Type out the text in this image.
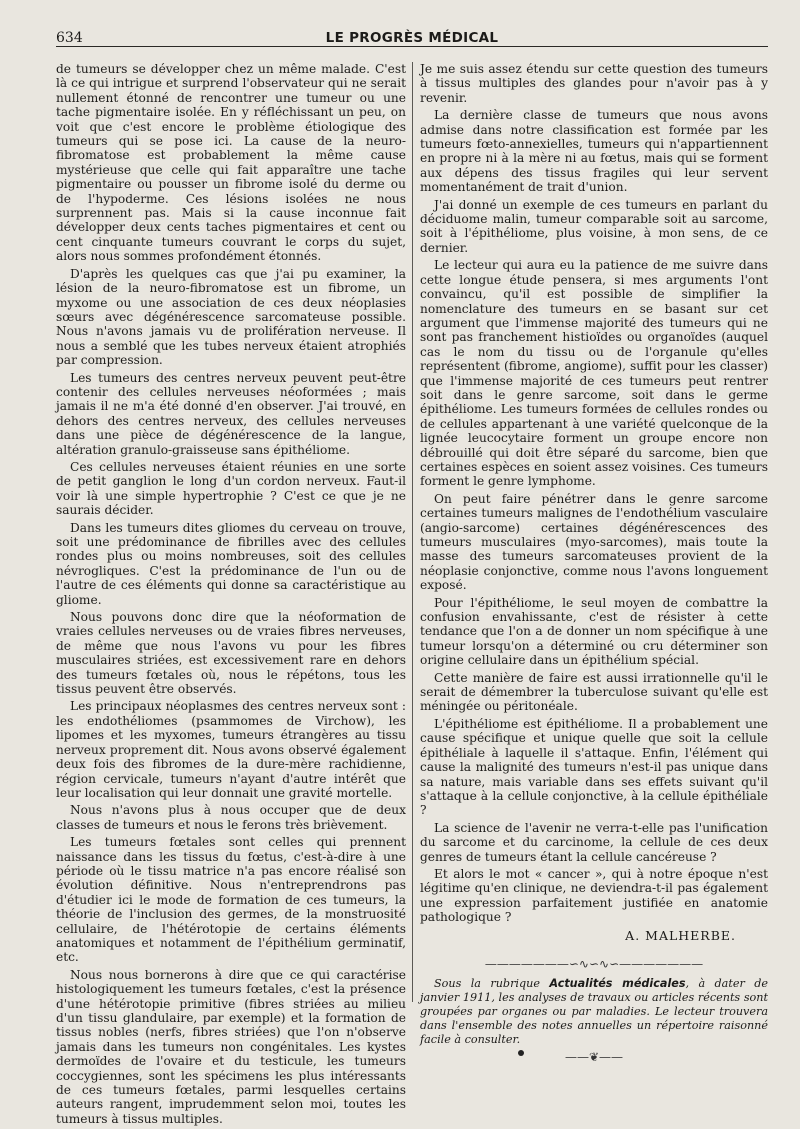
634	LE PROGRÈS MÉDICAL

de tumeurs se développer chez un même malade. C'est là ce qui intrigue et surprend l'observateur qui ne serait nullement étonné de rencontrer une tumeur ou une tache pigmentaire isolée. En y réfléchissant un peu, on voit que c'est encore le problème étiologique des tumeurs qui se pose ici. La cause de la neuro-fibromatose est probablement la même cause mystérieuse que celle qui fait apparaître une tache pigmentaire ou pousser un fibrome isolé du derme ou de l'hypoderme. Ces lésions isolées ne nous surprennent pas. Mais si la cause inconnue fait développer deux cents taches pigmentaires et cent ou cent cinquante tumeurs couvrant le corps du sujet, alors nous sommes profondément étonnés.

D'après les quelques cas que j'ai pu examiner, la lésion de la neuro-fibromatose est un fibrome, un myxome ou une association de ces deux néoplasies sœurs avec dégénérescence sarcomateuse possible. Nous n'avons jamais vu de prolifération nerveuse. Il nous a semblé que les tubes nerveux étaient atrophiés par compression.

Les tumeurs des centres nerveux peuvent peut-être contenir des cellules nerveuses néoformées ; mais jamais il ne m'a été donné d'en observer. J'ai trouvé, en dehors des centres nerveux, des cellules nerveuses dans une pièce de dégénérescence de la langue, altération granulo-graisseuse sans épithéliome.

Ces cellules nerveuses étaient réunies en une sorte de petit ganglion le long d'un cordon nerveux. Faut-il voir là une simple hypertrophie ? C'est ce que je ne saurais décider.

Dans les tumeurs dites gliomes du cerveau on trouve, soit une prédominance de fibrilles avec des cellules rondes plus ou moins nombreuses, soit des cellules névrogliques. C'est la prédominance de l'un ou de l'autre de ces éléments qui donne sa caractéristique au gliome.

Nous pouvons donc dire que la néoformation de vraies cellules nerveuses ou de vraies fibres nerveuses, de même que nous l'avons vu pour les fibres musculaires striées, est excessivement rare en dehors des tumeurs fœtales où, nous le répétons, tous les tissus peuvent être observés.

Les principaux néoplasmes des centres nerveux sont : les endothéliomes (psammomes de Virchow), les lipomes et les myxomes, tumeurs étrangères au tissu nerveux proprement dit. Nous avons observé également deux fois des fibromes de la dure-mère rachidienne, région cervicale, tumeurs n'ayant d'autre intérêt que leur localisation qui leur donnait une gravité mortelle.

Nous n'avons plus à nous occuper que de deux classes de tumeurs et nous le ferons très brièvement.

Les tumeurs fœtales sont celles qui prennent naissance dans les tissus du fœtus, c'est-à-dire à une période où le tissu matrice n'a pas encore réalisé son évolution définitive. Nous n'entreprendrons pas d'étudier ici le mode de formation de ces tumeurs, la théorie de l'inclusion des germes, de la monstruosité cellulaire, de l'hétérotopie de certains éléments anatomiques et notamment de l'épithélium germinatif, etc.

Nous nous bornerons à dire que ce qui caractérise histologiquement les tumeurs fœtales, c'est la présence d'une hétérotopie primitive (fibres striées au milieu d'un tissu glandulaire, par exemple) et la formation de tissus nobles (nerfs, fibres striées) que l'on n'observe jamais dans les tumeurs non congénitales. Les kystes dermoïdes de l'ovaire et du testicule, les tumeurs coccygiennes, sont les spécimens les plus intéressants de ces tumeurs fœtales, parmi lesquelles certains auteurs rangent, imprudemment selon moi, toutes les tumeurs à tissus multiples.

Je me suis assez étendu sur cette question des tumeurs à tissus multiples des glandes pour n'avoir pas à y revenir.

La dernière classe de tumeurs que nous avons admise dans notre classification est formée par les tumeurs fœto-annexielles, tumeurs qui n'appartiennent en propre ni à la mère ni au fœtus, mais qui se forment aux dépens des tissus fragiles qui leur servent momentanément de trait d'union.

J'ai donné un exemple de ces tumeurs en parlant du déciduome malin, tumeur comparable soit au sarcome, soit à l'épithéliome, plus voisine, à mon sens, de ce dernier.

Le lecteur qui aura eu la patience de me suivre dans cette longue étude pensera, si mes arguments l'ont convaincu, qu'il est possible de simplifier la nomenclature des tumeurs en se basant sur cet argument que l'immense majorité des tumeurs qui ne sont pas franchement histioïdes ou organoïdes (auquel cas le nom du tissu ou de l'organule qu'elles représentent (fibrome, angiome), suffit pour les classer) que l'immense majorité de ces tumeurs peut rentrer soit dans le genre sarcome, soit dans le germe épithéliome. Les tumeurs formées de cellules rondes ou de cellules appartenant à une variété quelconque de la lignée leucocytaire forment un groupe encore non débrouillé qui doit être séparé du sarcome, bien que certaines espèces en soient assez voisines. Ces tumeurs forment le genre lymphome.

On peut faire pénétrer dans le genre sarcome certaines tumeurs malignes de l'endothélium vasculaire (angio-sarcome) certaines dégénérescences des tumeurs musculaires (myo-sarcomes), mais toute la masse des tumeurs sarcomateuses provient de la néoplasie conjonctive, comme nous l'avons longuement exposé.

Pour l'épithéliome, le seul moyen de combattre la confusion envahissante, c'est de résister à cette tendance que l'on a de donner un nom spécifique à une tumeur lorsqu'on a déterminé ou cru déterminer son origine cellulaire dans un épithélium spécial.

Cette manière de faire est aussi irrationnelle qu'il le serait de démembrer la tuberculose suivant qu'elle est méningée ou péritonéale.

L'épithéliome est épithéliome. Il a probablement une cause spécifique et unique quelle que soit la cellule épithéliale à laquelle il s'attaque. Enfin, l'élément qui cause la malignité des tumeurs n'est-il pas unique dans sa nature, mais variable dans ses effets suivant qu'il s'attaque à la cellule conjonctive, à la cellule épithéliale ?

La science de l'avenir ne verra-t-elle pas l'unification du sarcome et du carcinome, la cellule de ces deux genres de tumeurs étant la cellule cancéreuse ?

Et alors le mot « cancer », qui à notre époque n'est légitime qu'en clinique, ne deviendra-t-il pas également une expression parfaitement justifiée en anatomie pathologique ?

A. MALHERBE.
———————∽∿∽∿∽———————

Sous la rubrique Actualités médicales, à dater de janvier 1911, les analyses de travaux ou articles récents sont groupées par organes ou par maladies. Le lecteur trouvera dans l'ensemble des notes annuelles un répertoire raisonné facile à consulter.

——❦——
